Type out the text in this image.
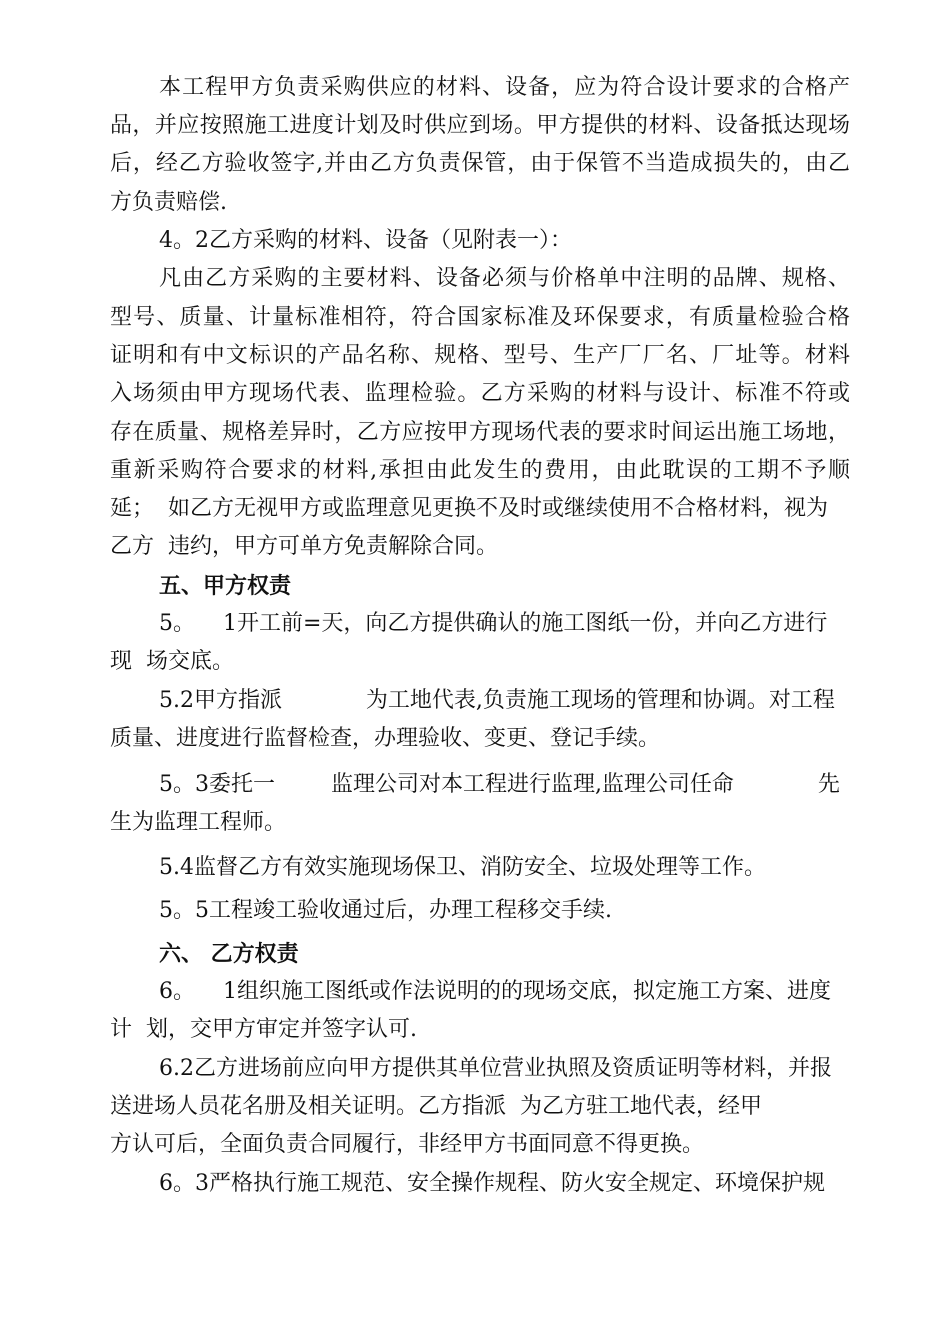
本工程甲方负责采购供应的材料、设备，应为符合设计要求的合格产
品，并应按照施工进度计划及时供应到场。甲方提供的材料、设备抵达现场
后，经乙方验收签字,并由乙方负责保管，由于保管不当造成损失的，由乙
方负责赔偿.
4。2乙方采购的材料、设备（见附表一）：
凡由乙方采购的主要材料、设备必须与价格单中注明的品牌、规格、
型号、质量、计量标准相符，符合国家标准及环保要求，有质量检验合格
证明和有中文标识的产品名称、规格、型号、生产厂厂名、厂址等。材料
入场须由甲方现场代表、监理检验。乙方采购的材料与设计、标准不符或
存在质量、规格差异时，乙方应按甲方现场代表的要求时间运出施工场地，
重新采购符合要求的材料,承担由此发生的费用，由此耽误的工期不予顺
延；  如乙方无视甲方或监理意见更换不及时或继续使用不合格材料，视为
乙方  违约，甲方可单方免责解除合同。
五、甲方权责
5。    1开工前=天，向乙方提供确认的施工图纸一份，并向乙方进行
现  场交底。
5.2甲方指派            为工地代表,负责施工现场的管理和协调。对工程
质量、进度进行监督检查，办理验收、变更、登记手续。
5。3委托一        监理公司对本工程进行监理,监理公司任命            先
生为监理工程师。
5.4监督乙方有效实施现场保卫、消防安全、垃圾处理等工作。
5。5工程竣工验收通过后，办理工程移交手续.
六、 乙方权责
6。    1组织施工图纸或作法说明的的现场交底，拟定施工方案、进度
计  划，交甲方审定并签字认可.
6.2乙方进场前应向甲方提供其单位营业执照及资质证明等材料，并报
送进场人员花名册及相关证明。乙方指派  为乙方驻工地代表，经甲
方认可后，全面负责合同履行，非经甲方书面同意不得更换。
6。3严格执行施工规范、安全操作规程、防火安全规定、环境保护规
